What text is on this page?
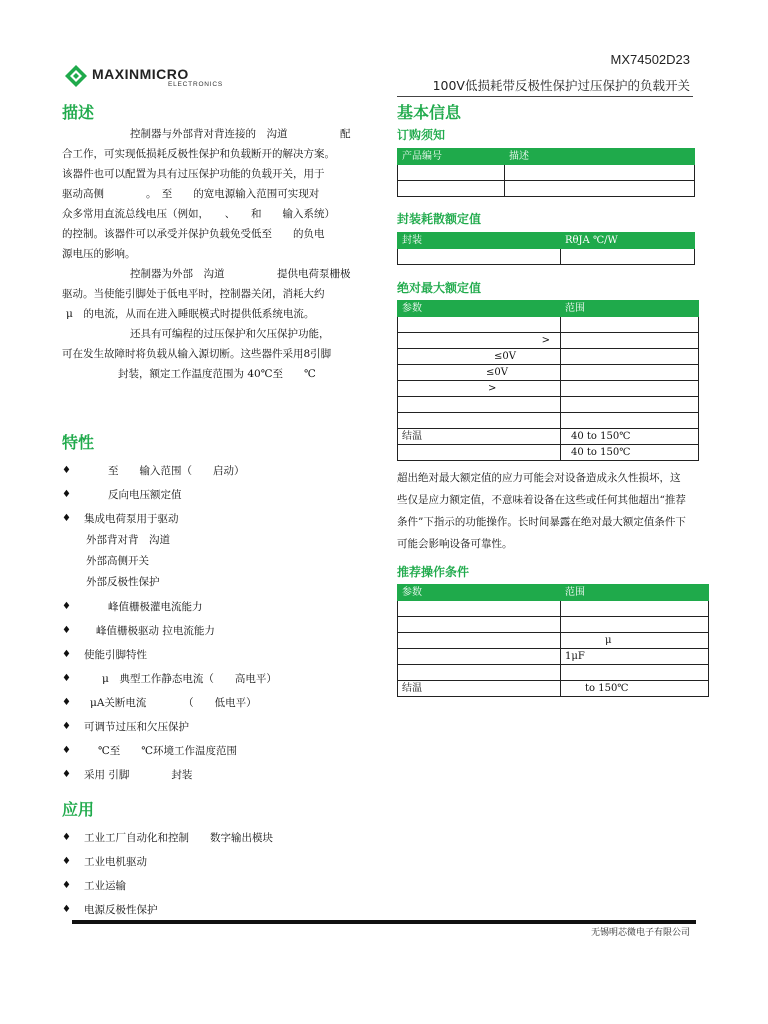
MX74502D23
MAXINMICRO
ELECTRONICS	100V低损耗带反极性保护过压保护的负载开关
描述
控制器与外部背对背连接的　沟道　　　　　配
合工作，可实现低损耗反极性保护和负载断开的解决方案。
该器件也可以配置为具有过压保护功能的负载开关，用于
驱动高侧　　　　。　至　　的宽电源输入范围可实现对
众多常用直流总线电压（例如，　　、　　和　　输入系统）
的控制。该器件可以承受并保护负载免受低至　　的负电
源电压的影响。
控制器为外部　沟道　　　　　提供电荷泵栅极
驱动。当使能引脚处于低电平时，控制器关闭，消耗大约
μ　的电流，从而在进入睡眠模式时提供低系统电流。
还具有可编程的过压保护和欠压保护功能，
可在发生故障时将负载从输入源切断。这些器件采用8引脚
封装，额定工作温度范围为 40℃至　　℃
特性
♦	至　　输入范围（　　启动）
♦	反向电压额定值
♦ 集成电荷泵用于驱动
外部背对背　沟道
外部高侧开关
外部反极性保护
♦	峰值栅极灌电流能力
♦ 峰值栅极驱动 拉电流能力
♦ 使能引脚特性
♦	μ　典型工作静态电流（　　高电平）
♦ μA关断电流　　　　（　　低电平）
♦ 可调节过压和欠压保护
♦	℃至　　℃环境工作温度范围
♦ 采用 引脚　　　　封装
应用
♦ 工业工厂自动化和控制　　数字输出模块
♦ 工业电机驱动
♦ 工业运输
♦ 电源反极性保护
基本信息
订购须知
产品编号	描述

封装耗散额定值
封装	RθJA ℃/W

绝对最大额定值
参数	范围

>	
≤0V	
≤0V	
>	

结温	40 to 150℃
	40 to 150℃
超出绝对最大额定值的应力可能会对设备造成永久性损坏，这
些仅是应力额定值，不意味着设备在这些或任何其他超出“推荐
条件”下指示的功能操作。长时间暴露在绝对最大额定值条件下
可能会影响设备可靠性。
推荐操作条件
参数	范围

	μ
	1μF

结温	to 150℃
无锡明芯微电子有限公司
